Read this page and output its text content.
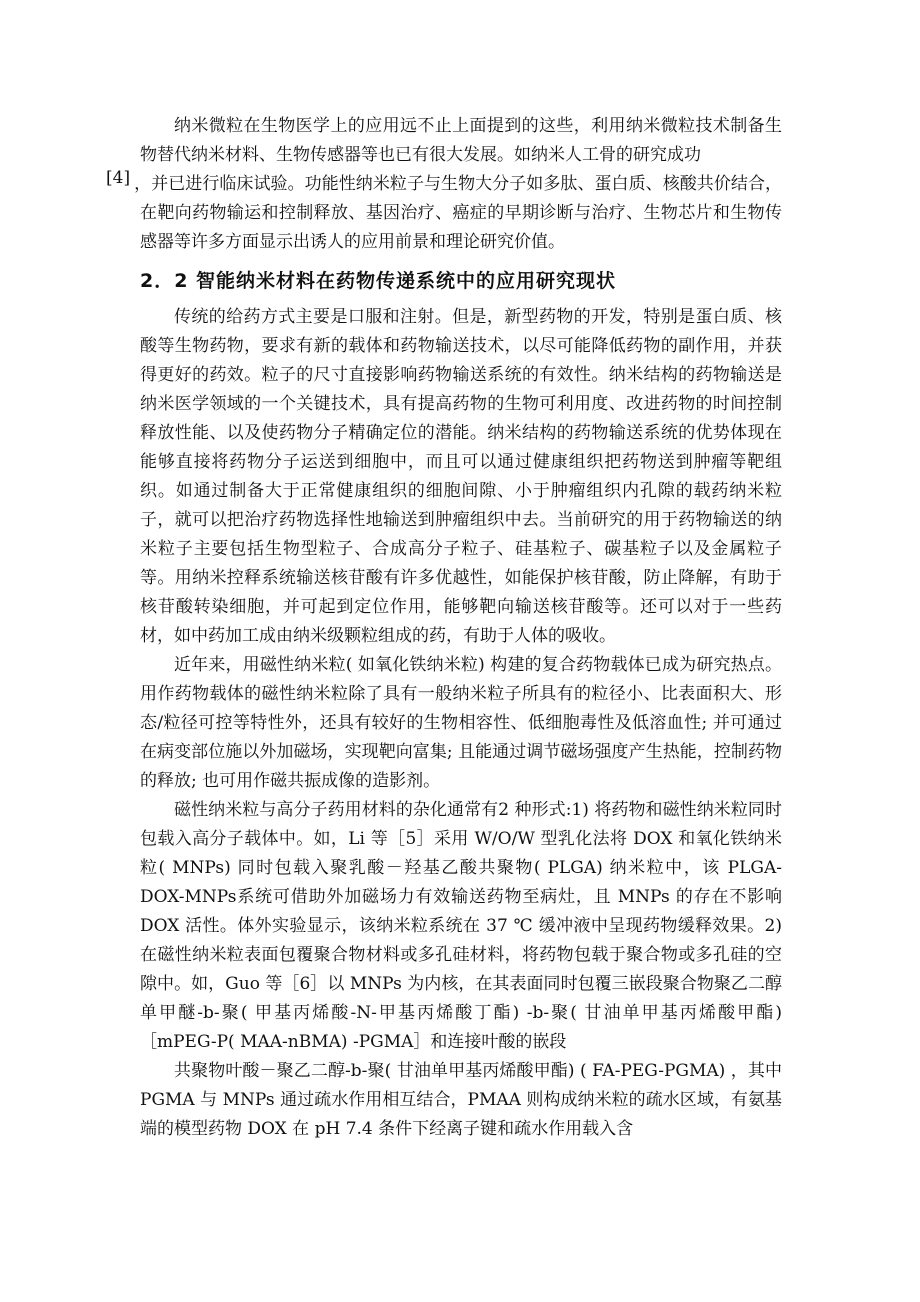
纳米微粒在生物医学上的应用远不止上面提到的这些，利用纳米微粒技术制备生物替代纳米材料、生物传感器等也已有很大发展。如纳米人工骨的研究成功
[4] ，并已进行临床试验。功能性纳米粒子与生物大分子如多肽、蛋白质、核酸共价结合，在靶向药物输运和控制释放、基因治疗、癌症的早期诊断与治疗、生物芯片和生物传感器等许多方面显示出诱人的应用前景和理论研究价值。

2．2 智能纳米材料在药物传递系统中的应用研究现状

传统的给药方式主要是口服和注射。但是，新型药物的开发，特别是蛋白质、核酸等生物药物，要求有新的载体和药物输送技术，以尽可能降低药物的副作用，并获得更好的药效。粒子的尺寸直接影响药物输送系统的有效性。纳米结构的药物输送是纳米医学领域的一个关键技术，具有提高药物的生物可利用度、改进药物的时间控制释放性能、以及使药物分子精确定位的潜能。纳米结构的药物输送系统的优势体现在能够直接将药物分子运送到细胞中，而且可以通过健康组织把药物送到肿瘤等靶组织。如通过制备大于正常健康组织的细胞间隙、小于肿瘤组织内孔隙的载药纳米粒子，就可以把治疗药物选择性地输送到肿瘤组织中去。当前研究的用于药物输送的纳米粒子主要包括生物型粒子、合成高分子粒子、硅基粒子、碳基粒子以及金属粒子等。用纳米控释系统输送核苷酸有许多优越性，如能保护核苷酸，防止降解，有助于核苷酸转染细胞，并可起到定位作用，能够靶向输送核苷酸等。还可以对于一些药材，如中药加工成由纳米级颗粒组成的药，有助于人体的吸收。

近年来，用磁性纳米粒( 如氧化铁纳米粒) 构建的复合药物载体已成为研究热点。用作药物载体的磁性纳米粒除了具有一般纳米粒子所具有的粒径小、比表面积大、形态/粒径可控等特性外，还具有较好的生物相容性、低细胞毒性及低溶血性; 并可通过在病变部位施以外加磁场，实现靶向富集; 且能通过调节磁场强度产生热能，控制药物的释放; 也可用作磁共振成像的造影剂。

磁性纳米粒与高分子药用材料的杂化通常有2 种形式:1) 将药物和磁性纳米粒同时包载入高分子载体中。如，Li 等［5］采用 W/O/W 型乳化法将 DOX 和氧化铁纳米粒( MNPs) 同时包载入聚乳酸－羟基乙酸共聚物( PLGA) 纳米粒中，该 PLGA-DOX-MNPs系统可借助外加磁场力有效输送药物至病灶，且 MNPs 的存在不影响 DOX 活性。体外实验显示，该纳米粒系统在 37 ℃ 缓冲液中呈现药物缓释效果。2) 在磁性纳米粒表面包覆聚合物材料或多孔硅材料，将药物包载于聚合物或多孔硅的空隙中。如，Guo 等［6］以 MNPs 为内核，在其表面同时包覆三嵌段聚合物聚乙二醇单甲醚-b-聚( 甲基丙烯酸-N-甲基丙烯酸丁酯) -b-聚( 甘油单甲基丙烯酸甲酯) ［mPEG-P( MAA-nBMA) -PGMA］和连接叶酸的嵌段

共聚物叶酸－聚乙二醇-b-聚( 甘油单甲基丙烯酸甲酯) ( FA-PEG-PGMA) ，其中 PGMA 与 MNPs 通过疏水作用相互结合，PMAA 则构成纳米粒的疏水区域，有氨基端的模型药物 DOX 在 pH 7.4 条件下经离子键和疏水作用载入含
